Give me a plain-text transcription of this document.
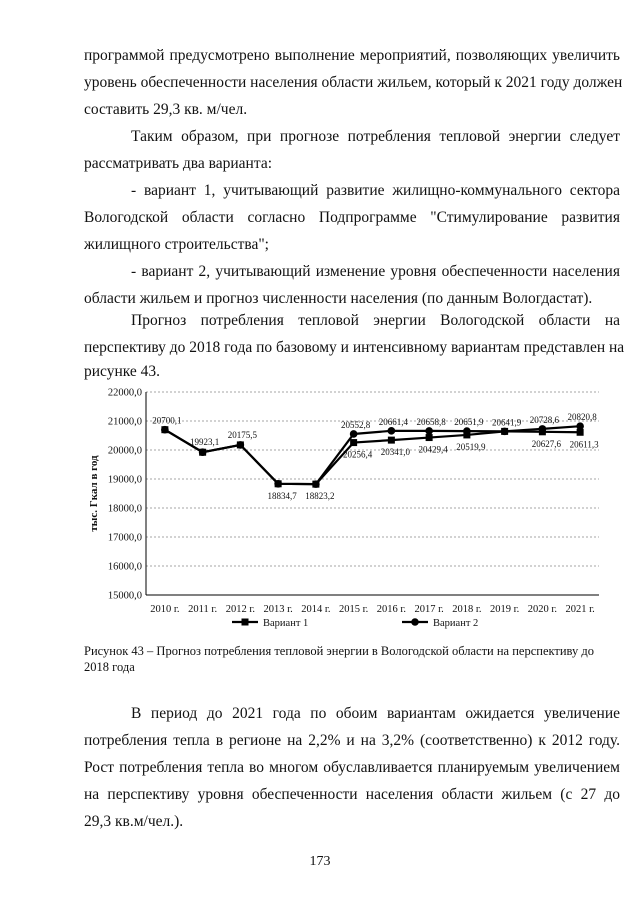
программой предусмотрено выполнение мероприятий, позволяющих увеличить
уровень обеспеченности населения области жильем, который к 2021 году должен
составить 29,3 кв. м/чел.
Таким образом, при прогнозе потребления тепловой энергии следует
рассматривать два варианта:
- вариант 1, учитывающий развитие жилищно-коммунального сектора
Вологодской области согласно Подпрограмме "Стимулирование развития
жилищного строительства";
- вариант 2, учитывающий изменение уровня обеспеченности населения
области жильем и прогноз численности населения (по данным Вологдастат).
Прогноз потребления тепловой энергии Вологодской области на
перспективу до 2018 года по базовому и интенсивному вариантам представлен на
рисунке 43.
15000,0
16000,0
17000,0
18000,0
19000,0
20000,0
21000,0
22000,0
2010 г. 2011 г. 2012 г. 2013 г. 2014 г. 2015 г. 2016 г. 2017 г. 2018 г. 2019 г. 2020 г. 2021 г.
тыс. Гкал в год	18834,7 18823,2
20256,4 20341,0 20429,4 20519,9	20627,6 20611,3
20700,1
19923,1
20175,5
20552,8 20661,4 20658,8 20651,9 20641,9 20728,6 20820,8
Вариант 1	Вариант 2
Рисунок 43 – Прогноз потребления тепловой энергии в Вологодской области на перспективу до 2018 года
В период до 2021 года по обоим вариантам ожидается увеличение
потребления тепла в регионе на 2,2% и на 3,2% (соответственно) к 2012 году.
Рост потребления тепла во многом обуславливается планируемым увеличением
на перспективу уровня обеспеченности населения области жильем (с 27 до
29,3 кв.м/чел.).
173
